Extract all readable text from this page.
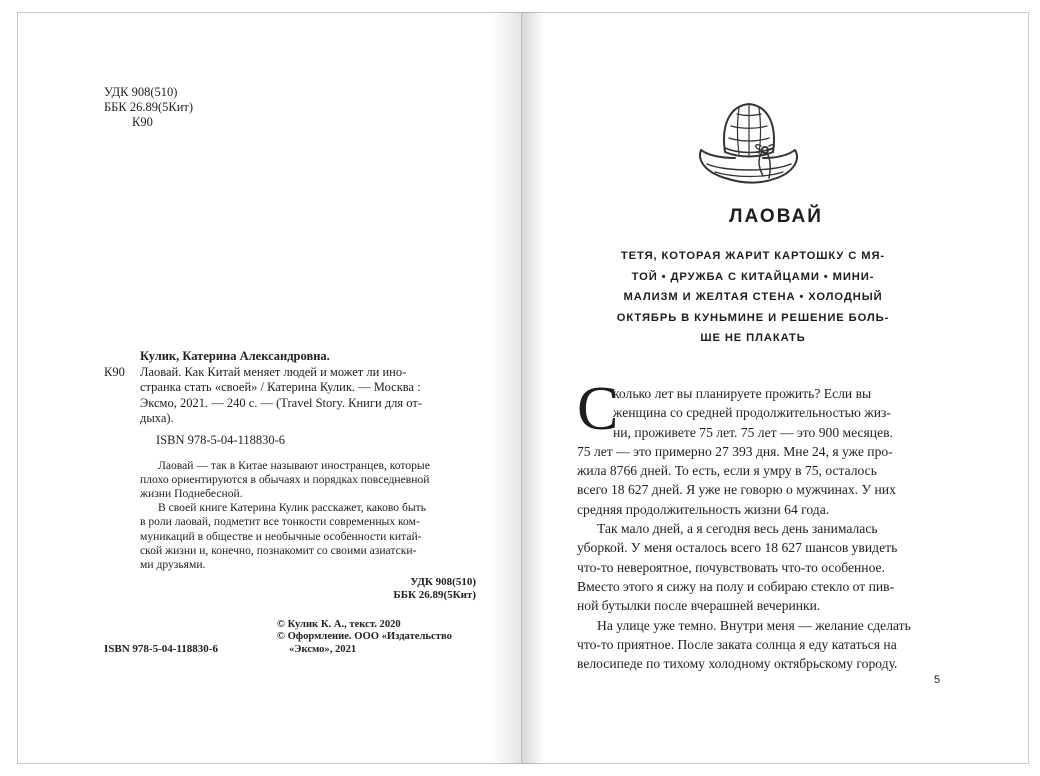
УДК 908(510)
ББК 26.89(5Кит)
К90
Кулик, Катерина Александровна.
К90 Лаовай. Как Китай меняет людей и может ли ино-
странка стать «своей» / Катерина Кулик. — Москва :
Эксмо, 2021. — 240 с. — (Travel Story. Книги для от-
дыха).
ISBN 978-5-04-118830-6
Лаовай — так в Китае называют иностранцев, которые
плохо ориентируются в обычаях и порядках повседневной
жизни Поднебесной.
В своей книге Катерина Кулик расскажет, каково быть
в роли лаовай, подметит все тонкости современных ком-
муникаций в обществе и необычные особенности китай-
ской жизни и, конечно, познакомит со своими азиатски-
ми друзьями.
УДК 908(510)
ББК 26.89(5Кит)
© Кулик К. А., текст. 2020
© Оформление. ООО «Издательство
«Эксмо», 2021
ISBN 978-5-04-118830-6
ЛАОВАЙ
ТЕТЯ, КОТОРАЯ ЖАРИТ КАРТОШКУ С МЯ-
ТОЙ • ДРУЖБА С КИТАЙЦАМИ • МИНИ-
МАЛИЗМ И ЖЕЛТАЯ СТЕНА • ХОЛОДНЫЙ
ОКТЯБРЬ В КУНЬМИНЕ И РЕШЕНИЕ БОЛЬ-
ШЕ НЕ ПЛАКАТЬ
С
колько лет вы планируете прожить? Если вы
женщина со средней продолжительностью жиз-
ни, проживете 75 лет. 75 лет — это 900 месяцев.
75 лет — это примерно 27 393 дня. Мне 24, я уже про-
жила 8766 дней. То есть, если я умру в 75, осталось
всего 18 627 дней. Я уже не говорю о мужчинах. У них
средняя продолжительность жизни 64 года.
Так мало дней, а я сегодня весь день занималась
уборкой. У меня осталось всего 18 627 шансов увидеть
что-то невероятное, почувствовать что-то особенное.
Вместо этого я сижу на полу и собираю стекло от пив-
ной бутылки после вчерашней вечеринки.
На улице уже темно. Внутри меня — желание сделать
что-то приятное. После заката солнца я еду кататься на
велосипеде по тихому холодному октябрьскому городу.
5
